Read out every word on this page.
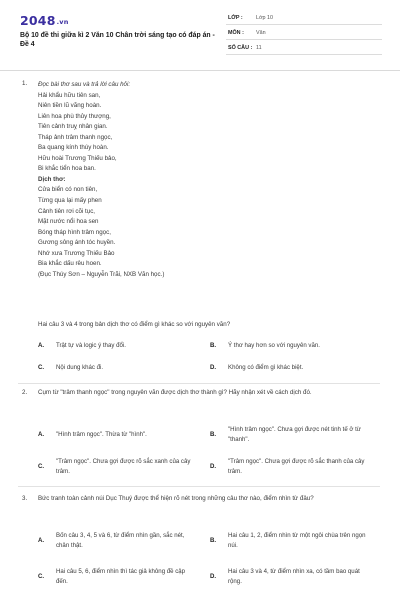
2048.vn
Bộ 10 đề thi giữa kì 2 Văn 10 Chân trời sáng tạo có đáp án - Đề 4
LỚP : Lớp 10
MÔN : Văn
SỐ CÂU : 11
1. Đọc bài thơ sau và trả lời câu hỏi:
Hải khẩu hữu tiên san,
Niên tiền lũ vãng hoàn.
Liên hoa phù thủy thượng,
Tiên cảnh truỵ nhân gian.
Tháp ảnh trâm thanh ngọc,
Ba quang kính thúy hoàn.
Hữu hoài Trương Thiếu bảo,
Bi khắc tiển hoa ban.
Dịch thơ:
Cửa biển có non tiên,
Từng qua lại mấy phen
Cảnh tiên rơi cõi tục,
Mặt nước nổi hoa sen
Bóng tháp hình trâm ngọc,
Gương sông ánh tóc huyền.
Nhớ xưa Trương Thiếu Bảo
Bia khắc dấu rêu hoen.
(Đục Thúy Sơn – Nguyễn Trãi, NXB Văn học.)
Hai câu 3 và 4 trong bản dịch thơ có điểm gì khác so với nguyên văn?
A. Trật tự và logic ý thay đổi.	B. Ý thơ hay hơn so với nguyên văn.
C. Nội dung khác đi.	D. Không có điểm gì khác biệt.
2. Cụm từ "trâm thanh ngọc" trong nguyên văn được dịch thơ thành gì? Hãy nhận xét về cách dịch đó.
A. "Hình trâm ngọc". Thừa từ "hình".	B.
"Hình trâm ngọc". Chưa gợi được nét tinh tế ở từ "thanh".
C.
"Trâm ngọc". Chưa gợi được rõ sắc xanh của cây trâm.
D.
"Trâm ngọc". Chưa gợi được rõ sắc thanh của cây trâm.
3. Bức tranh toàn cảnh núi Dục Thuý được thể hiện rõ nét trong những câu thơ nào, điểm nhìn từ đâu?
A.
Bốn câu 3, 4, 5 và 6, từ điểm nhìn gần, sắc nét, chân thật.
B.
Hai câu 1, 2, điểm nhìn từ một ngôi chùa trên ngọn núi.
C.
Hai câu 5, 6, điểm nhìn thì tác giả không đề cập đến.
D.
Hai câu 3 và 4, từ điểm nhìn xa, có tầm bao quát rộng.
